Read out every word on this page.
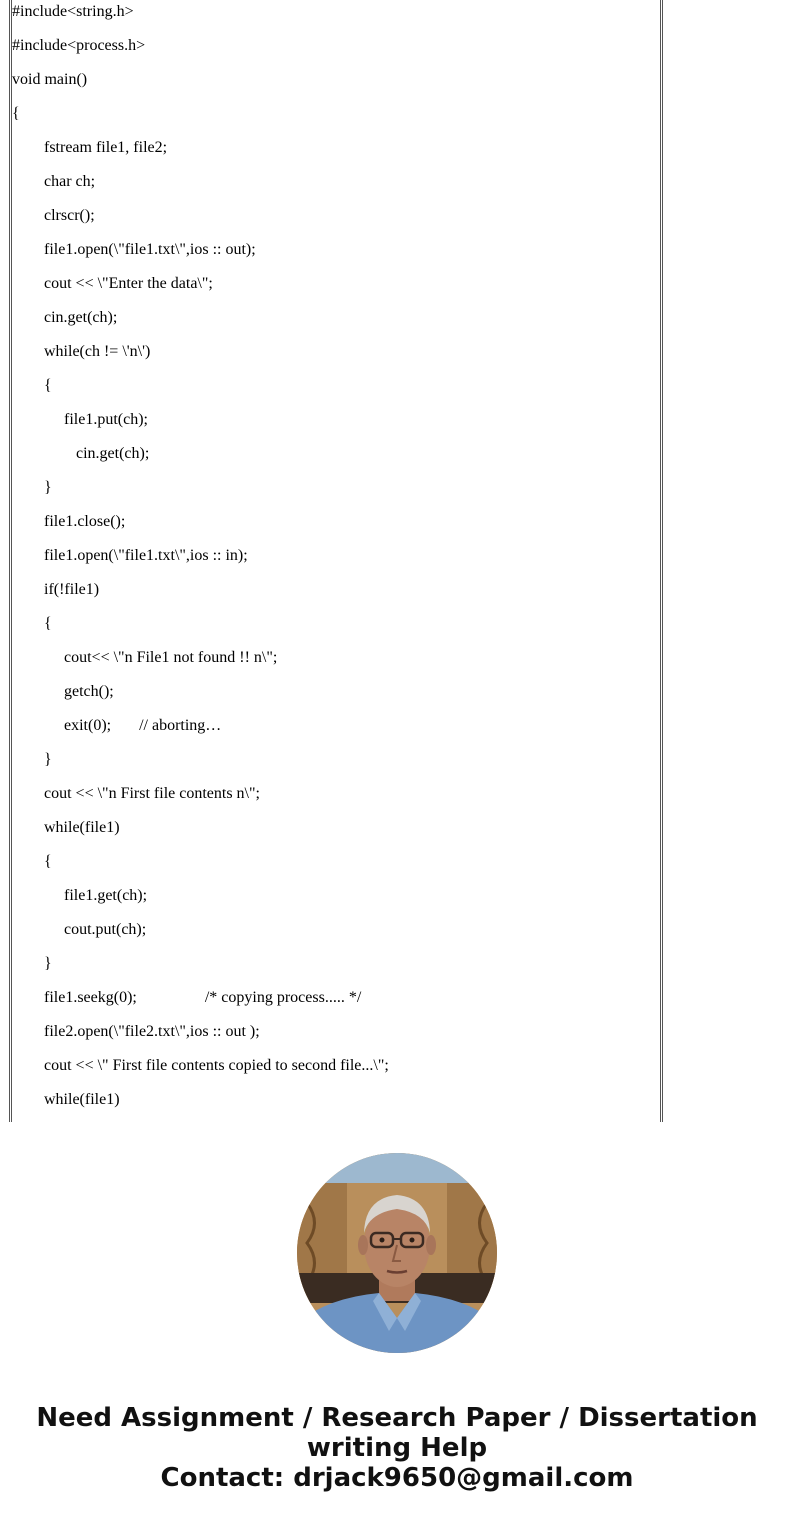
#include<string.h>
#include<process.h>
void main()
{
fstream file1, file2;
char ch;
clrscr();
file1.open(\"file1.txt\",ios :: out);
cout << \"Enter the data\";
cin.get(ch);
while(ch != \'n\')
{
file1.put(ch);
cin.get(ch);
}
file1.close();
file1.open(\"file1.txt\",ios :: in);
if(!file1)
{
cout<< \"n File1 not found !! n\";
getch();
exit(0);       // aborting…
}
cout << \"n First file contents n\";
while(file1)
{
file1.get(ch);
cout.put(ch);
}
file1.seekg(0);                 /* copying process..... */
file2.open(\"file2.txt\",ios :: out );
cout << \" First file contents copied to second file...\";
while(file1)
Need Assignment / Research Paper / Dissertation
writing Help
Contact: drjack9650@gmail.com
